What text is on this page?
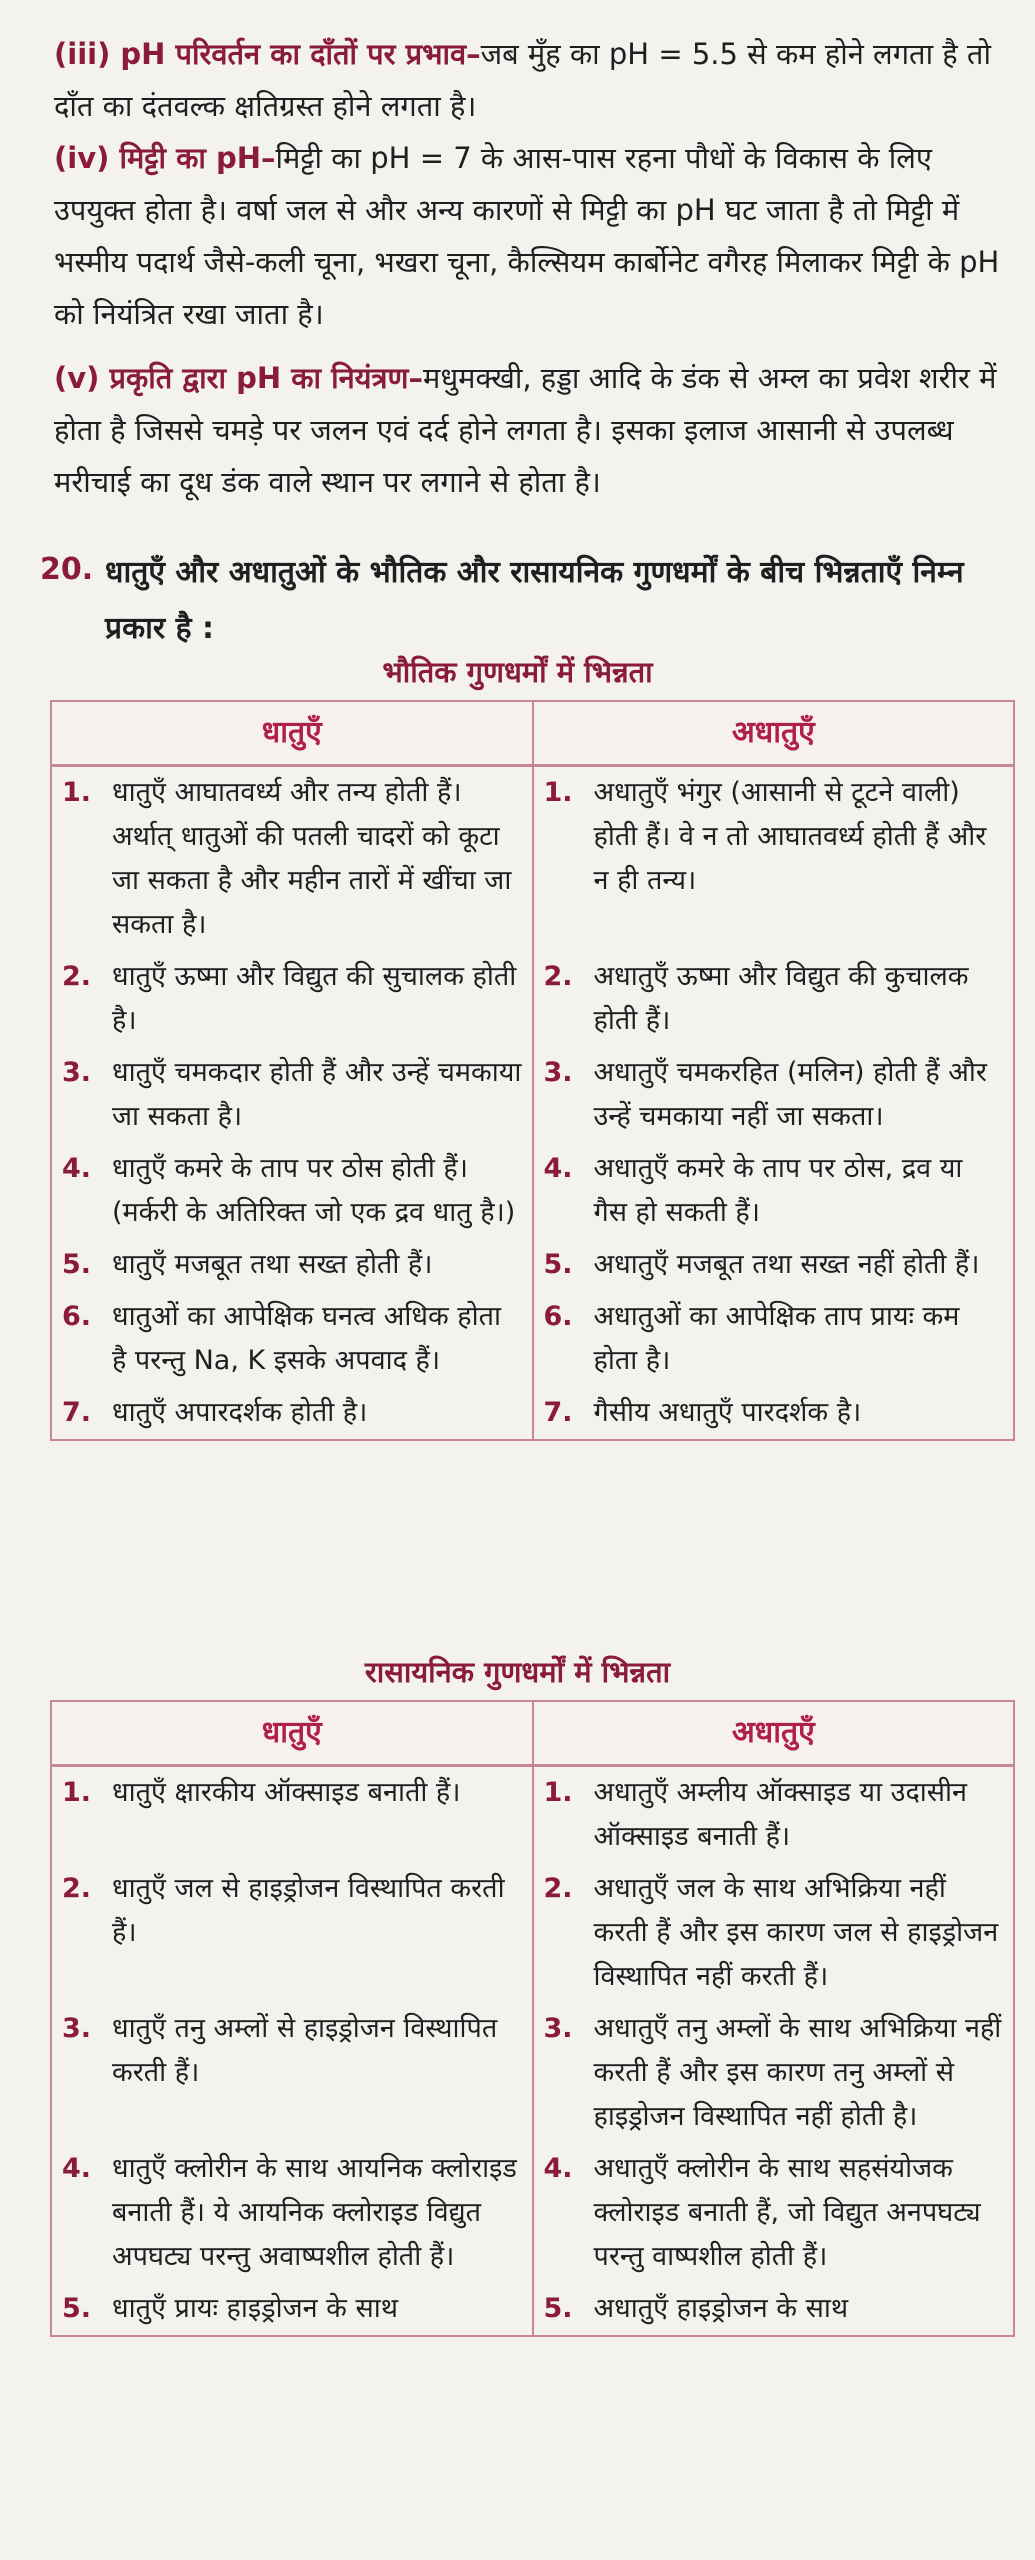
(iii) pH परिवर्तन का दाँतों पर प्रभाव–जब मुँह का pH = 5.5 से कम होने लगता है तो दाँत का दंतवल्क क्षतिग्रस्त होने लगता है।
(iv) मिट्टी का pH–मिट्टी का pH = 7 के आस-पास रहना पौधों के विकास के लिए उपयुक्त होता है। वर्षा जल से और अन्य कारणों से मिट्टी का pH घट जाता है तो मिट्टी में भस्मीय पदार्थ जैसे-कली चूना, भखरा चूना, कैल्सियम कार्बोनेट वगैरह मिलाकर मिट्टी के pH को नियंत्रित रखा जाता है।
(v) प्रकृति द्वारा pH का नियंत्रण–मधुमक्खी, हड्डा आदि के डंक से अम्ल का प्रवेश शरीर में होता है जिससे चमड़े पर जलन एवं दर्द होने लगता है। इसका इलाज आसानी से उपलब्ध मरीचाई का दूध डंक वाले स्थान पर लगाने से होता है।
20. धातुएँ और अधातुओं के भौतिक और रासायनिक गुणधर्मों के बीच भिन्नताएँ निम्न प्रकार है :
भौतिक गुणधर्मों में भिन्नता
धातुएँ	अधातुएँ

1. धातुएँ आघातवर्ध्य और तन्य होती हैं। अर्थात् धातुओं की पतली चादरों को कूटा जा सकता है और महीन तारों में खींचा जा सकता है।	1. अधातुएँ भंगुर (आसानी से टूटने वाली) होती हैं। वे न तो आघातवर्ध्य होती हैं और न ही तन्य।

2. धातुएँ ऊष्मा और विद्युत की सुचालक होती है।	2. अधातुएँ ऊष्मा और विद्युत की कुचालक होती हैं।

3. धातुएँ चमकदार होती हैं और उन्हें चमकाया जा सकता है।	3. अधातुएँ चमकरहित (मलिन) होती हैं और उन्हें चमकाया नहीं जा सकता।

4. धातुएँ कमरे के ताप पर ठोस होती हैं। (मर्करी के अतिरिक्त जो एक द्रव धातु है।)	4. अधातुएँ कमरे के ताप पर ठोस, द्रव या गैस हो सकती हैं।

5. धातुएँ मजबूत तथा सख्त होती हैं।	5. अधातुएँ मजबूत तथा सख्त नहीं होती हैं।

6. धातुओं का आपेक्षिक घनत्व अधिक होता है परन्तु Na, K इसके अपवाद हैं।	6. अधातुओं का आपेक्षिक ताप प्रायः कम होता है।

7. धातुएँ अपारदर्शक होती है।	7. गैसीय अधातुएँ पारदर्शक है।
रासायनिक गुणधर्मों में भिन्नता
धातुएँ	अधातुएँ

1. धातुएँ क्षारकीय ऑक्साइड बनाती हैं।	1. अधातुएँ अम्लीय ऑक्साइड या उदासीन ऑक्साइड बनाती हैं।

2. धातुएँ जल से हाइड्रोजन विस्थापित करती हैं।	2. अधातुएँ जल के साथ अभिक्रिया नहीं करती हैं और इस कारण जल से हाइड्रोजन विस्थापित नहीं करती हैं।

3. धातुएँ तनु अम्लों से हाइड्रोजन विस्थापित करती हैं।	3. अधातुएँ तनु अम्लों के साथ अभिक्रिया नहीं करती हैं और इस कारण तनु अम्लों से हाइड्रोजन विस्थापित नहीं होती है।

4. धातुएँ क्लोरीन के साथ आयनिक क्लोराइड बनाती हैं। ये आयनिक क्लोराइड विद्युत अपघट्य परन्तु अवाष्पशील होती हैं।	4. अधातुएँ क्लोरीन के साथ सहसंयोजक क्लोराइड बनाती हैं, जो विद्युत अनपघट्य परन्तु वाष्पशील होती हैं।

5. धातुएँ प्रायः हाइड्रोजन के साथ	5. अधातुएँ हाइड्रोजन के साथ
